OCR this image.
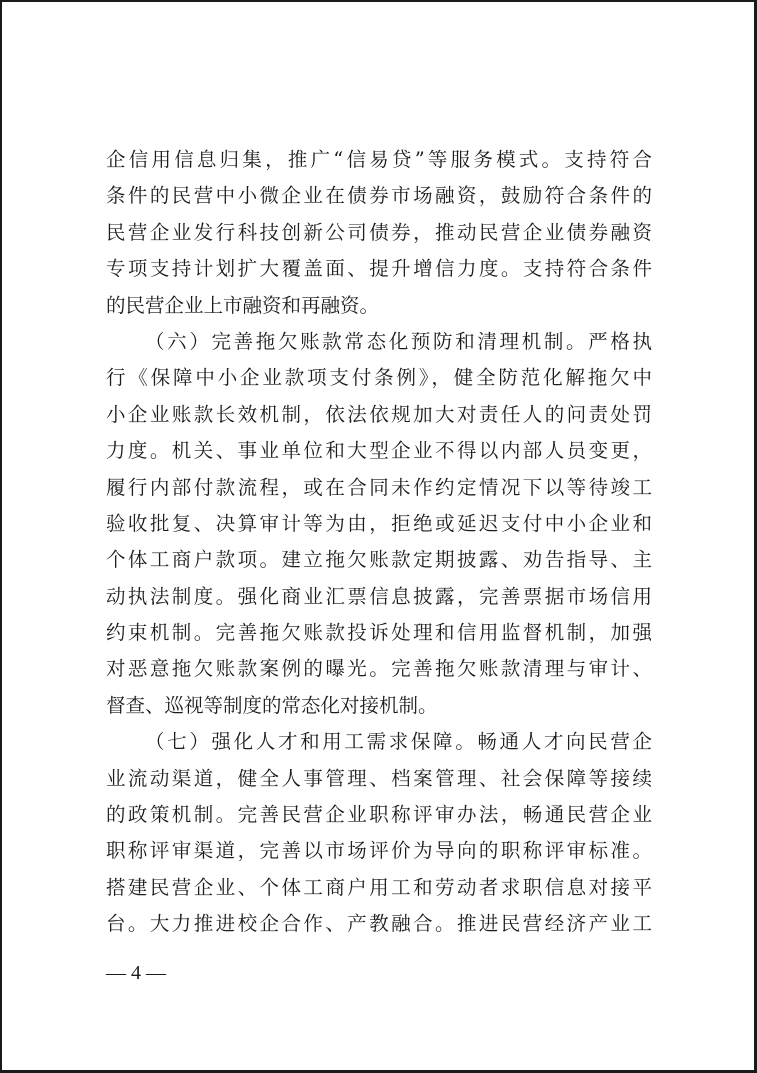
企信用信息归集，推广“信易贷”等服务模式。支持符合
条件的民营中小微企业在债券市场融资，鼓励符合条件的
民营企业发行科技创新公司债券，推动民营企业债券融资
专项支持计划扩大覆盖面、提升增信力度。支持符合条件
的民营企业上市融资和再融资。
（六）完善拖欠账款常态化预防和清理机制。严格执
行《保障中小企业款项支付条例》，健全防范化解拖欠中
小企业账款长效机制，依法依规加大对责任人的问责处罚
力度。机关、事业单位和大型企业不得以内部人员变更，
履行内部付款流程，或在合同未作约定情况下以等待竣工
验收批复、决算审计等为由，拒绝或延迟支付中小企业和
个体工商户款项。建立拖欠账款定期披露、劝告指导、主
动执法制度。强化商业汇票信息披露，完善票据市场信用
约束机制。完善拖欠账款投诉处理和信用监督机制，加强
对恶意拖欠账款案例的曝光。完善拖欠账款清理与审计、
督查、巡视等制度的常态化对接机制。
（七）强化人才和用工需求保障。畅通人才向民营企
业流动渠道，健全人事管理、档案管理、社会保障等接续
的政策机制。完善民营企业职称评审办法，畅通民营企业
职称评审渠道，完善以市场评价为导向的职称评审标准。
搭建民营企业、个体工商户用工和劳动者求职信息对接平
台。大力推进校企合作、产教融合。推进民营经济产业工
— 4 —
